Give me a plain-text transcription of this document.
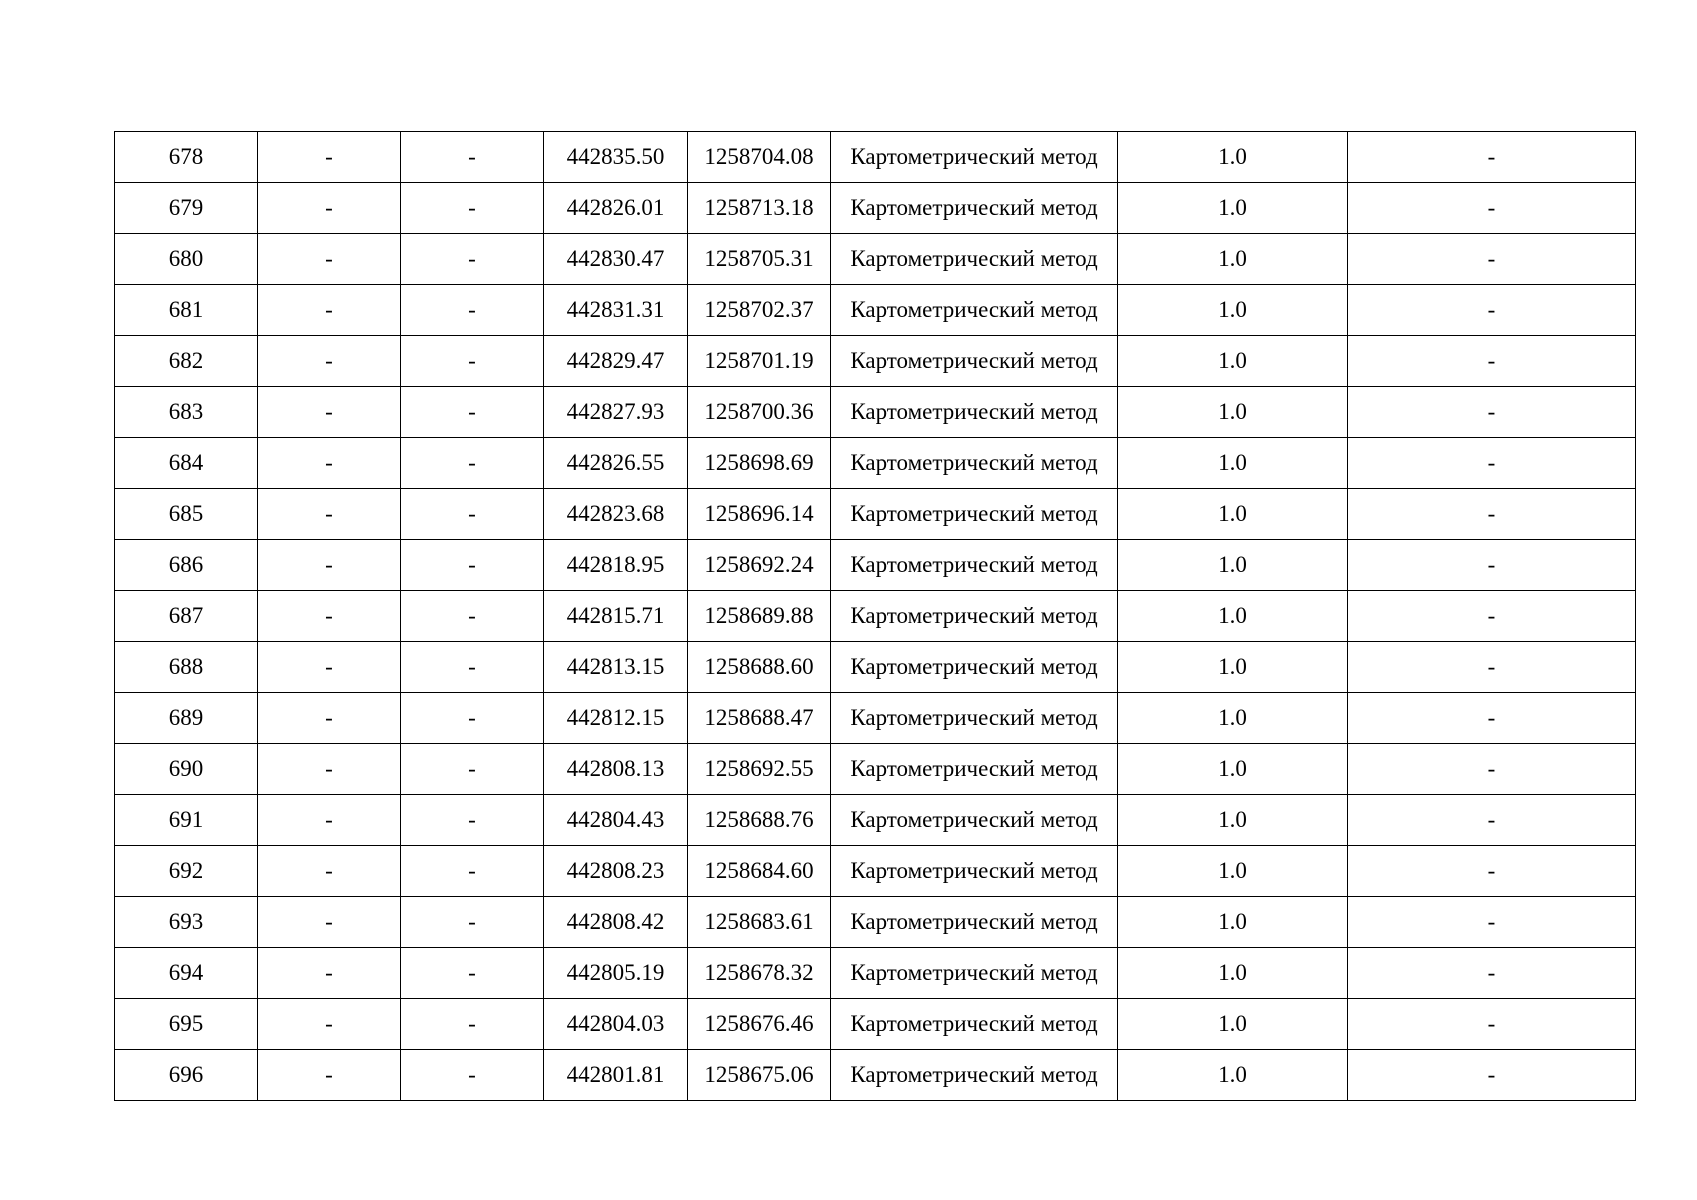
678	-	-	442835.50	1258704.08	Картометрический метод	1.0	-
679	-	-	442826.01	1258713.18	Картометрический метод	1.0	-
680	-	-	442830.47	1258705.31	Картометрический метод	1.0	-
681	-	-	442831.31	1258702.37	Картометрический метод	1.0	-
682	-	-	442829.47	1258701.19	Картометрический метод	1.0	-
683	-	-	442827.93	1258700.36	Картометрический метод	1.0	-
684	-	-	442826.55	1258698.69	Картометрический метод	1.0	-
685	-	-	442823.68	1258696.14	Картометрический метод	1.0	-
686	-	-	442818.95	1258692.24	Картометрический метод	1.0	-
687	-	-	442815.71	1258689.88	Картометрический метод	1.0	-
688	-	-	442813.15	1258688.60	Картометрический метод	1.0	-
689	-	-	442812.15	1258688.47	Картометрический метод	1.0	-
690	-	-	442808.13	1258692.55	Картометрический метод	1.0	-
691	-	-	442804.43	1258688.76	Картометрический метод	1.0	-
692	-	-	442808.23	1258684.60	Картометрический метод	1.0	-
693	-	-	442808.42	1258683.61	Картометрический метод	1.0	-
694	-	-	442805.19	1258678.32	Картометрический метод	1.0	-
695	-	-	442804.03	1258676.46	Картометрический метод	1.0	-
696	-	-	442801.81	1258675.06	Картометрический метод	1.0	-
